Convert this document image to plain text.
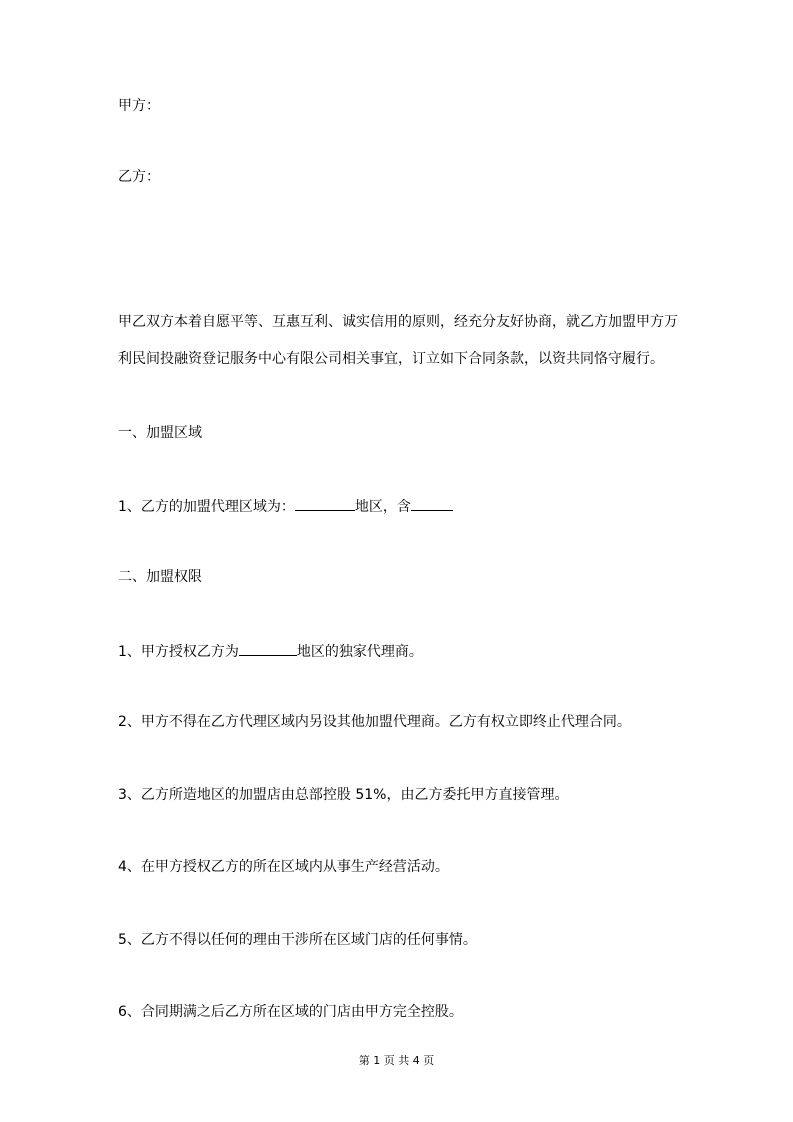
甲方：
乙方：
甲乙双方本着自愿平等、互惠互利、诚实信用的原则，经充分友好协商，就乙方加盟甲方万
利民间投融资登记服务中心有限公司相关事宜，订立如下合同条款，以资共同恪守履行。
一、加盟区域
1、乙方的加盟代理区域为：	地区，含
二、加盟权限
1、甲方授权乙方为	地区的独家代理商。
2、甲方不得在乙方代理区域内另设其他加盟代理商。乙方有权立即终止代理合同。
3、乙方所造地区的加盟店由总部控股 51%，由乙方委托甲方直接管理。
4、在甲方授权乙方的所在区域内从事生产经营活动。
5、乙方不得以任何的理由干涉所在区域门店的任何事情。
6、合同期满之后乙方所在区域的门店由甲方完全控股。
第 1 页 共 4 页
